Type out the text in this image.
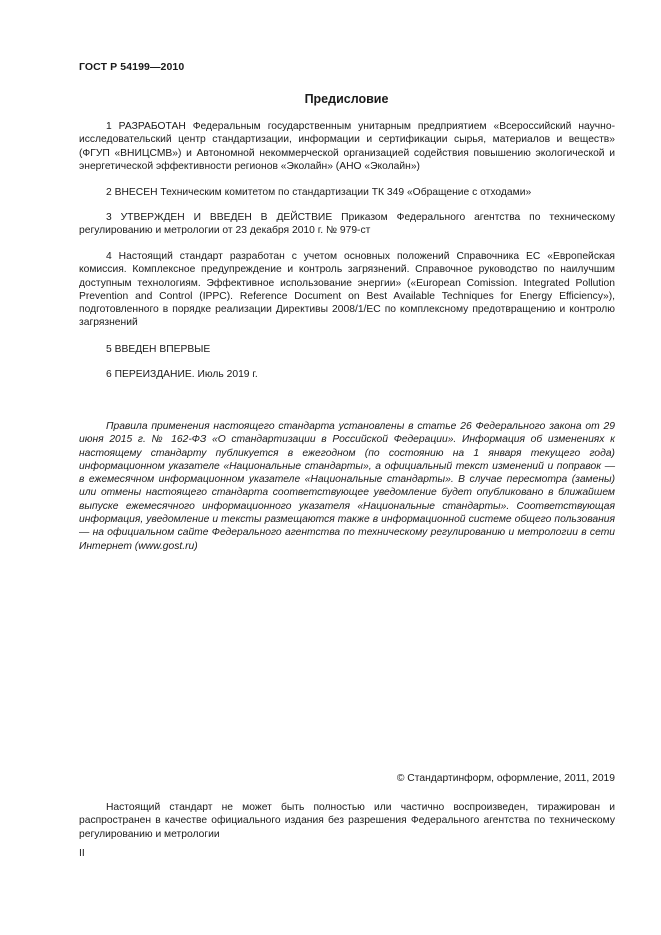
ГОСТ Р 54199—2010
Предисловие
1 РАЗРАБОТАН Федеральным государственным унитарным предприятием «Всероссийский научно-исследовательский центр стандартизации, информации и сертификации сырья, материалов и веществ» (ФГУП «ВНИЦСМВ») и Автономной некоммерческой организацией содействия повышению экологической и энергетической эффективности регионов «Эколайн» (АНО «Эколайн»)
2 ВНЕСЕН Техническим комитетом по стандартизации ТК 349 «Обращение с отходами»
3 УТВЕРЖДЕН И ВВЕДЕН В ДЕЙСТВИЕ Приказом Федерального агентства по техническому регулированию и метрологии от 23 декабря 2010 г. № 979-ст
4 Настоящий стандарт разработан с учетом основных положений Справочника ЕС «Европейская комиссия. Комплексное предупреждение и контроль загрязнений. Справочное руководство по наилучшим доступным технологиям. Эффективное использование энергии» («European Comission. Integrated Pollution Prevention and Control (IPPC). Reference Document on Best Available Techniques for Energy Efficiency»), подготовленного в порядке реализации Директивы 2008/1/ЕС по комплексному предотвращению и контролю загрязнений
5 ВВЕДЕН ВПЕРВЫЕ
6 ПЕРЕИЗДАНИЕ. Июль 2019 г.
Правила применения настоящего стандарта установлены в статье 26 Федерального закона от 29 июня 2015 г. № 162-ФЗ «О стандартизации в Российской Федерации». Информация об изменениях к настоящему стандарту публикуется в ежегодном (по состоянию на 1 января текущего года) информационном указателе «Национальные стандарты», а официальный текст изменений и поправок — в ежемесячном информационном указателе «Национальные стандарты». В случае пересмотра (замены) или отмены настоящего стандарта соответствующее уведомление будет опубликовано в ближайшем выпуске ежемесячного информационного указателя «Национальные стандарты». Соответствующая информация, уведомление и тексты размещаются также в информационной системе общего пользования — на официальном сайте Федерального агентства по техническому регулированию и метрологии в сети Интернет (www.gost.ru)
© Стандартинформ, оформление, 2011, 2019
Настоящий стандарт не может быть полностью или частично воспроизведен, тиражирован и распространен в качестве официального издания без разрешения Федерального агентства по техническому регулированию и метрологии
II
